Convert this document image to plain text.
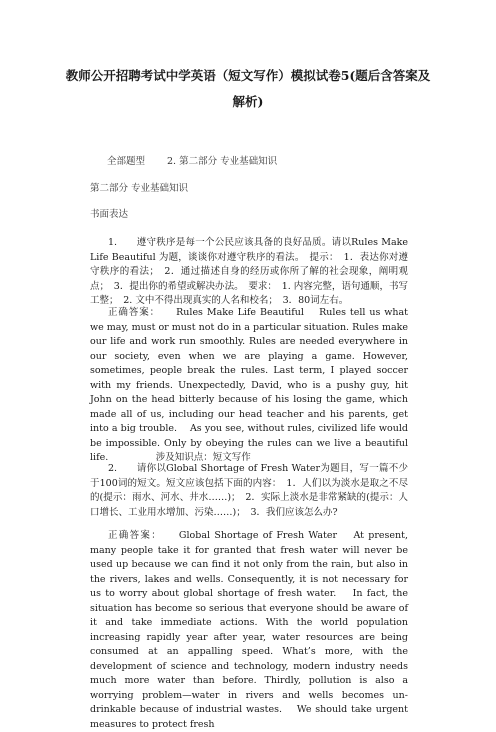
教师公开招聘考试中学英语（短文写作）模拟试卷5(题后含答案及
解析)
全部题型 2. 第二部分 专业基础知识
第二部分 专业基础知识
书面表达
1.　　遵守秩序是每一个公民应该具备的良好品质。请以Rules Make Life Beautiful 为题，谈谈你对遵守秩序的看法。　提示：　1．表达你对遵守秩序的看法；　2．通过描述自身的经历或你所了解的社会现象，阐明观点；　3．提出你的希望或解决办法。　要求：　1. 内容完整，语句通顺，书写工整；　2. 文中不得出现真实的人名和校名；　3．80词左右。
正确答案：　　Rules Make Life Beautiful　 Rules tell us what we may, must or must not do in a particular situation. Rules make our life and work run smoothly. Rules are needed everywhere in our society, even when we are playing a game. However, sometimes, people break the rules. Last term, I played soccer with my friends. Unexpectedly, David, who is a pushy guy, hit John on the head bitterly because of his losing the game, which made all of us, including our head teacher and his parents, get into a big trouble.　 As you see, without rules, civilized life would be impossible. Only by obeying the rules can we live a beautiful life.　　　　　涉及知识点：短文写作
2.　　请你以Global Shortage of Fresh Water为题目，写一篇不少于100词的短文。短文应该包括下面的内容：　1．人们以为淡水是取之不尽的(提示：雨水、河水、井水……)；　2．实际上淡水是非常紧缺的(提示：人口增长、工业用水增加、污染……)；　3．我们应该怎么办?
正确答案：　　Global Shortage of Fresh Water　 At present, many people take it for granted that fresh water will never be used up because we can find it not only from the rain, but also in the rivers, lakes and wells. Consequently, it is not necessary for us to worry about global shortage of fresh water.　 In fact, the situation has become so serious that everyone should be aware of it and take immediate actions. With the world population increasing rapidly year after year, water resources are being consumed at an appalling speed. What’s more, with the development of science and technology, modern industry needs much more water than before. Thirdly, pollution is also a worrying problem—water in rivers and wells becomes un-drinkable because of industrial wastes.　 We should take urgent measures to protect fresh
